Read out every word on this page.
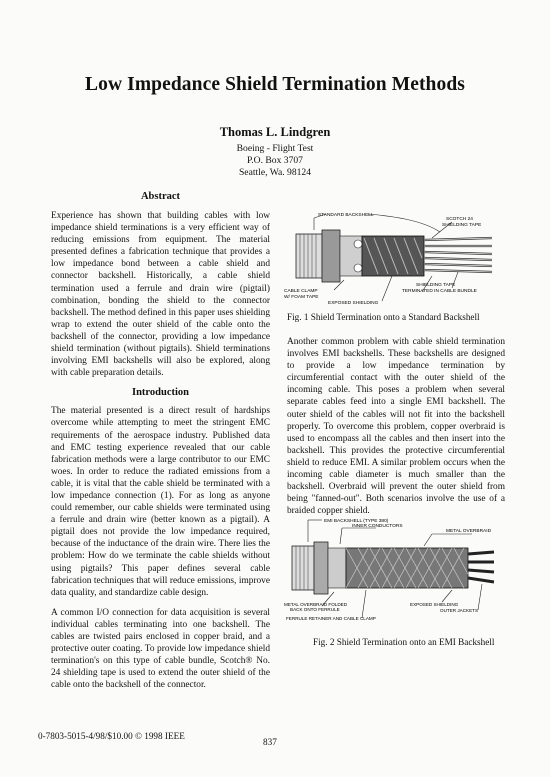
Low Impedance Shield Termination Methods
Thomas L. Lindgren
Boeing - Flight Test
P.O. Box 3707
Seattle, Wa. 98124
Abstract

Experience has shown that building cables with low impedance shield terminations is a very efficient way of reducing emissions from equipment. The material presented defines a fabrication technique that provides a low impedance bond between a cable shield and connector backshell. Historically, a cable shield termination used a ferrule and drain wire (pigtail) combination, bonding the shield to the connector backshell. The method defined in this paper uses shielding wrap to extend the outer shield of the cable onto the backshell of the connector, providing a low impedance shield termination (without pigtails). Shield terminations involving EMI backshells will also be explored, along with cable preparation details.

Introduction

The material presented is a direct result of hardships overcome while attempting to meet the stringent EMC requirements of the aerospace industry. Published data and EMC testing experience revealed that our cable fabrication methods were a large contributor to our EMC woes. In order to reduce the radiated emissions from a cable, it is vital that the cable shield be terminated with a low impedance connection (1). For as long as anyone could remember, our cable shields were terminated using a ferrule and drain wire (better known as a pigtail). A pigtail does not provide the low impedance required, because of the inductance of the drain wire. There lies the problem: How do we terminate the cable shields without using pigtails? This paper defines several cable fabrication techniques that will reduce emissions, improve data quality, and standardize cable design.

A common I/O connection for data acquisition is several individual cables terminating into one backshell. The cables are twisted pairs enclosed in copper braid, and a protective outer coating. To provide low impedance shield termination's on this type of cable bundle, Scotch® No. 24 shielding tape is used to extend the outer shield of the cable onto the backshell of the connector.

STANDARD BACKSHELL
SCOTCH 24
SHIELDING TAPE
SHIELDING TAPE
TERMINATED IN CABLE BUNDLE
CABLE CLAMP
W/ FOAM TAPE
EXPOSED SHIELDING
Fig. 1 Shield Termination onto a Standard Backshell

Another common problem with cable shield termination involves EMI backshells. These backshells are designed to provide a low impedance termination by circumferential contact with the outer shield of the incoming cable. This poses a problem when several separate cables feed into a single EMI backshell. The outer shield of the cables will not fit into the backshell properly. To overcome this problem, copper overbraid is used to encompass all the cables and then insert into the backshell. This provides the protective circumferential shield to reduce EMI. A similar problem occurs when the incoming cable diameter is much smaller than the backshell. Overbraid will prevent the outer shield from being "fanned-out". Both scenarios involve the use of a braided copper shield.

EMI BACKSHELL (TYPE 380)
INNER CONDUCTORS
METAL OVERBRAID
METAL OVERBRAID FOLDED
BACK ONTO FERRULE
EXPOSED SHIELDING
OUTER JACKETS
FERRULE RETAINER AND CABLE CLAMP
Fig. 2 Shield Termination onto an EMI Backshell
0-7803-5015-4/98/$10.00 © 1998 IEEE
837
